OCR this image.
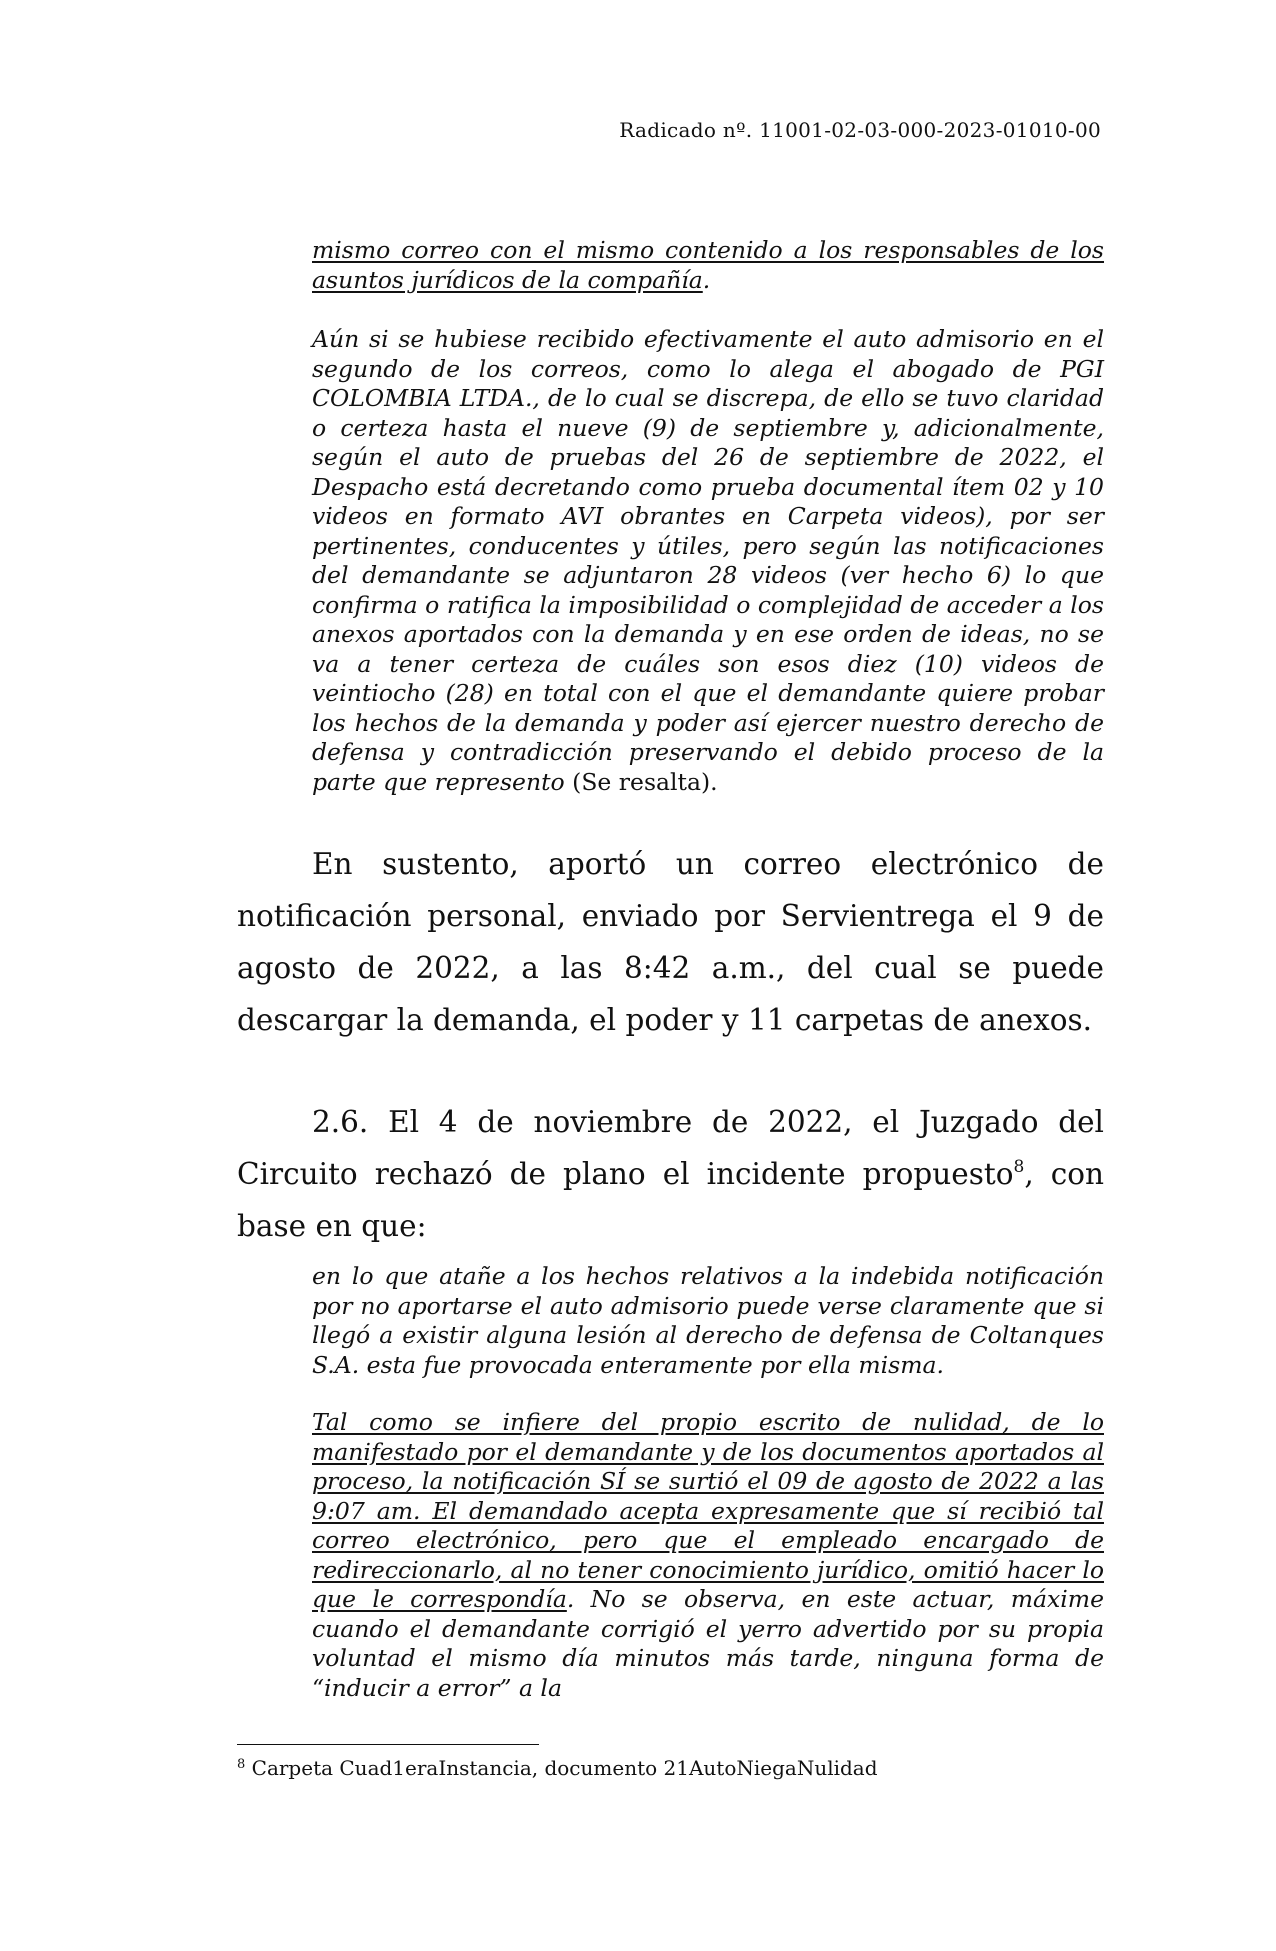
Radicado nº. 11001-02-03-000-2023-01010-00

mismo correo con el mismo contenido a los responsables de los asuntos jurídicos de la compañía.

Aún si se hubiese recibido efectivamente el auto admisorio en el segundo de los correos, como lo alega el abogado de PGI COLOMBIA LTDA., de lo cual se discrepa, de ello se tuvo claridad o certeza hasta el nueve (9) de septiembre y, adicionalmente, según el auto de pruebas del 26 de septiembre de 2022, el Despacho está decretando como prueba documental ítem 02 y 10 videos en formato AVI obrantes en Carpeta videos), por ser pertinentes, conducentes y útiles, pero según las notificaciones del demandante se adjuntaron 28 videos (ver hecho 6) lo que confirma o ratifica la imposibilidad o complejidad de acceder a los anexos aportados con la demanda y en ese orden de ideas, no se va a tener certeza de cuáles son esos diez (10) videos de veintiocho (28) en total con el que el demandante quiere probar los hechos de la demanda y poder así ejercer nuestro derecho de defensa y contradicción preservando el debido proceso de la parte que represento (Se resalta).

En sustento, aportó un correo electrónico de notificación personal, enviado por Servientrega el 9 de agosto de 2022, a las 8:42 a.m., del cual se puede descargar la demanda, el poder y 11 carpetas de anexos.

2.6. El 4 de noviembre de 2022, el Juzgado del Circuito rechazó de plano el incidente propuesto$^8$, con base en que:

en lo que atañe a los hechos relativos a la indebida notificación por no aportarse el auto admisorio puede verse claramente que si llegó a existir alguna lesión al derecho de defensa de Coltanques S.A. esta fue provocada enteramente por ella misma.

Tal como se infiere del propio escrito de nulidad, de lo manifestado por el demandante y de los documentos aportados al proceso, la notificación SÍ se surtió el 09 de agosto de 2022 a las 9:07 am. El demandado acepta expresamente que sí recibió tal correo electrónico, pero que el empleado encargado de redireccionarlo, al no tener conocimiento jurídico, omitió hacer lo que le correspondía. No se observa, en este actuar, máxime cuando el demandante corrigió el yerro advertido por su propia voluntad el mismo día minutos más tarde, ninguna forma de “inducir a error” a la

$^8$ Carpeta Cuad1eraInstancia, documento 21AutoNiegaNulidad
